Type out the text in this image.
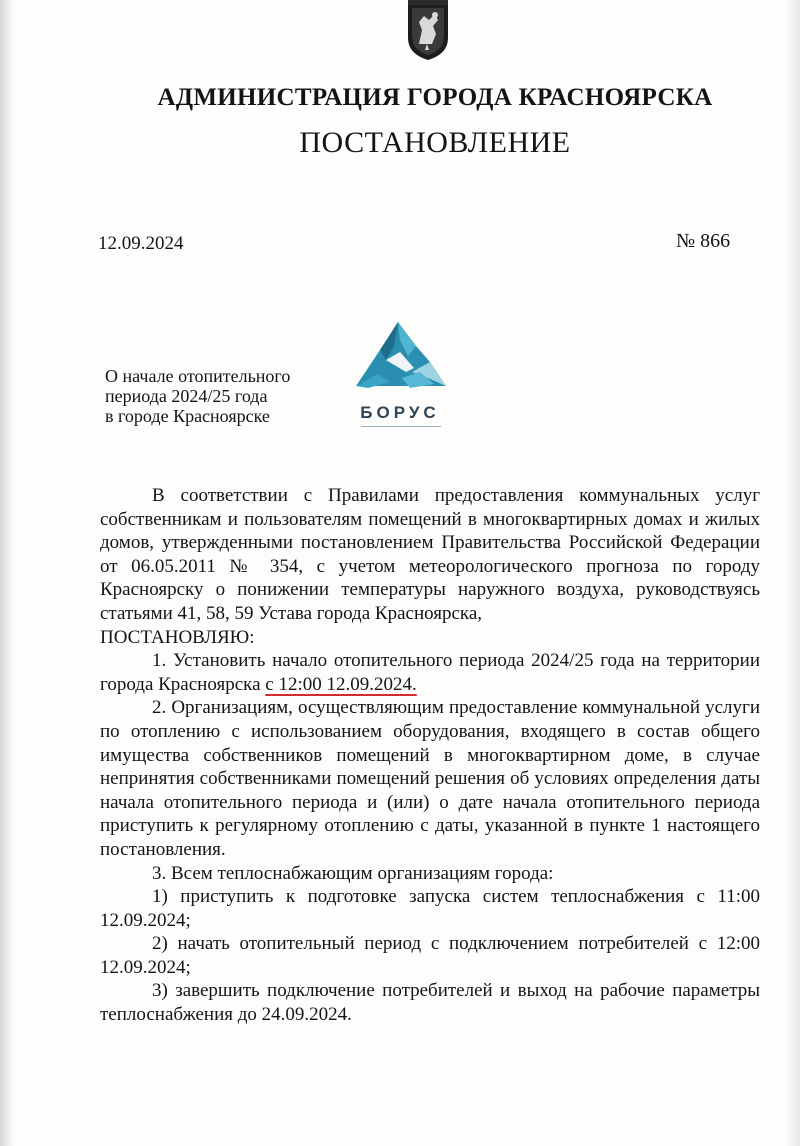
АДМИНИСТРАЦИЯ ГОРОДА КРАСНОЯРСКА
ПОСТАНОВЛЕНИЕ
12.09.2024	№ 866
О начале отопительного
периода 2024/25 года
в городе Красноярске	БОРУС

В соответствии с Правилами предоставления коммунальных услуг собственникам и пользователям помещений в многоквартирных домах и жилых домов, утвержденными постановлением Правительства Российской Федерации от 06.05.2011 № 354, с учетом метеорологического прогноза по городу Красноярску о понижении температуры наружного воздуха, руководствуясь статьями 41, 58, 59 Устава города Красноярска,

ПОСТАНОВЛЯЮ:

1. Установить начало отопительного периода 2024/25 года на территории города Красноярска с 12:00 12.09.2024.

2. Организациям, осуществляющим предоставление коммунальной услуги по отоплению с использованием оборудования, входящего в состав общего имущества собственников помещений в многоквартирном доме, в случае непринятия собственниками помещений решения об условиях определения даты начала отопительного периода и (или) о дате начала отопительного периода приступить к регулярному отоплению с даты, указанной в пункте 1 настоящего постановления.

3. Всем теплоснабжающим организациям города:

1) приступить к подготовке запуска систем теплоснабжения с 11:00 12.09.2024;

2) начать отопительный период с подключением потребителей с 12:00 12.09.2024;

3) завершить подключение потребителей и выход на рабочие параметры теплоснабжения до 24.09.2024.
